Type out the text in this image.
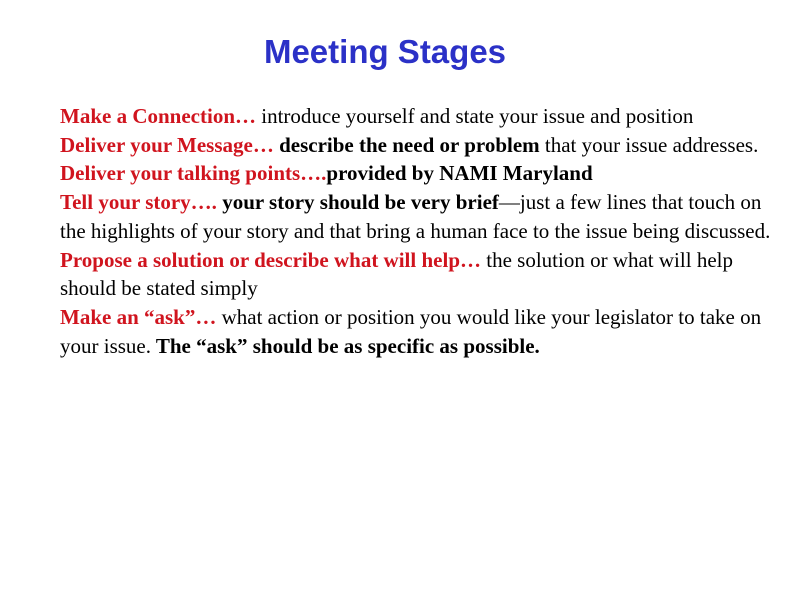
Meeting Stages

Make a Connection… introduce yourself and state your issue and position

Deliver your Message… describe the need or problem that your issue addresses.

Deliver your talking points….provided by NAMI Maryland

Tell your story…. your story should be very brief—just a few lines that touch on the highlights of your story and that bring a human face to the issue being discussed.

Propose a solution or describe what will help… the solution or what will help should be stated simply

Make an “ask”… what action or position you would like your legislator to take on your issue. The “ask” should be as specific as possible.
